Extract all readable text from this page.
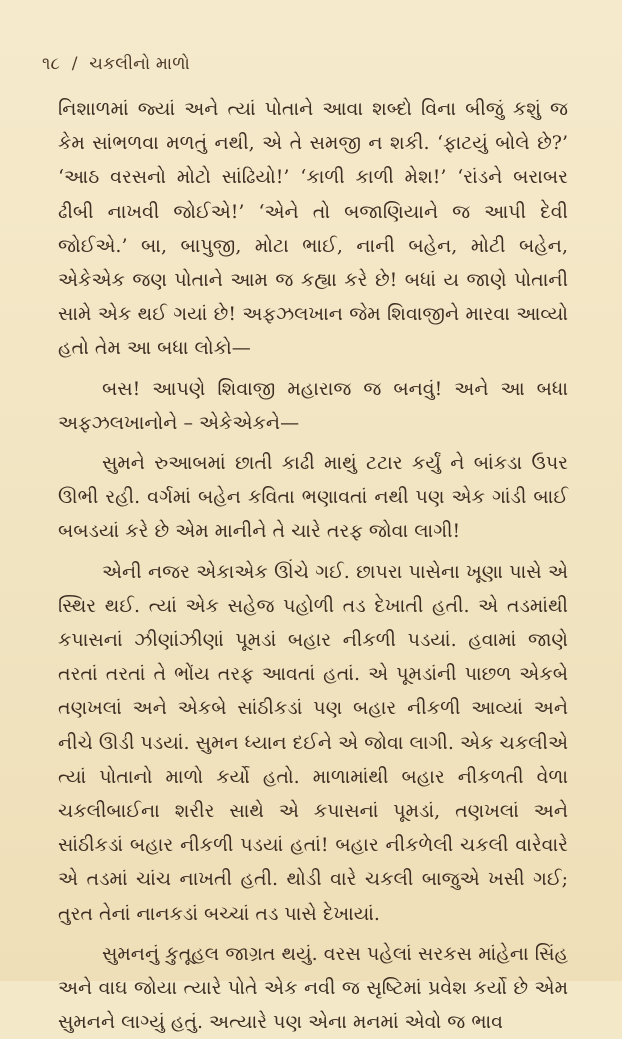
૧૮ / ચકલીનો માળો

નિશાળમાં જ્યાં અને ત્યાં પોતાને આવા શબ્દો વિના બીજું કશું જ કેમ સાંભળવા મળતું નથી, એ તે સમજી ન શકી. ‘ફાટયું બોલે છે?’ ‘આઠ વરસનો મોટો સાંઢિયો!’ ‘કાળી કાળી મેશ!’ ‘રાંડને બરાબર ઢીબી નાખવી જોઈએ!’ ‘એને તો બજાણિયાને જ આપી દેવી જોઈએ.’ બા, બાપુજી, મોટા ભાઈ, નાની બહેન, મોટી બહેન, એકેએક જણ પોતાને આમ જ કહ્યા કરે છે! બધાં ય જાણે પોતાની સામે એક થઈ ગયાં છે! અફઝલખાન જેમ શિવાજીને મારવા આવ્યો હતો તેમ આ બધા લોકો—

બસ! આપણે શિવાજી મહારાજ જ બનવું! અને આ બધા અફઝલખાનોને – એકેએકને—

સુમને રુઆબમાં છાતી કાઢી માથું ટટાર કર્યું ને બાંકડા ઉપર ઊભી રહી. વર્ગમાં બહેન કવિતા ભણાવતાં નથી પણ એક ગાંડી બાઈ બબડયાં કરે છે એમ માનીને તે ચારે તરફ જોવા લાગી!

એની નજર એકાએક ઊંચે ગઈ. છાપરા પાસેના ખૂણા પાસે એ સ્થિર થઈ. ત્યાં એક સહેજ પહોળી તડ દેખાતી હતી. એ તડમાંથી કપાસનાં ઝીણાંઝીણાં પૂમડાં બહાર નીકળી પડયાં. હવામાં જાણે તરતાં તરતાં તે ભોંય તરફ આવતાં હતાં. એ પૂમડાંની પાછળ એકબે તણખલાં અને એકબે સાંઠીકડાં પણ બહાર નીકળી આવ્યાં અને નીચે ઊડી પડયાં. સુમન ધ્યાન દઈને એ જોવા લાગી. એક ચકલીએ ત્યાં પોતાનો માળો કર્યો હતો. માળામાંથી બહાર નીકળતી વેળા ચકલીબાઈના શરીર સાથે એ કપાસનાં પૂમડાં, તણખલાં અને સાંઠીકડાં બહાર નીકળી પડયાં હતાં! બહાર નીકળેલી ચકલી વારેવારે એ તડમાં ચાંચ નાખતી હતી. થોડી વારે ચકલી બાજુએ ખસી ગઈ; તુરત તેનાં નાનકડાં બચ્ચાં તડ પાસે દેખાયાં.

સુમનનું કુતૂહલ જાગ્રત થયું. વરસ પહેલાં સરકસ માંહેના સિંહ અને વાઘ જોયા ત્યારે પોતે એક નવી જ સૃષ્ટિમાં પ્રવેશ કર્યો છે એમ સુમનને લાગ્યું હતું. અત્યારે પણ એના મનમાં એવો જ ભાવ
